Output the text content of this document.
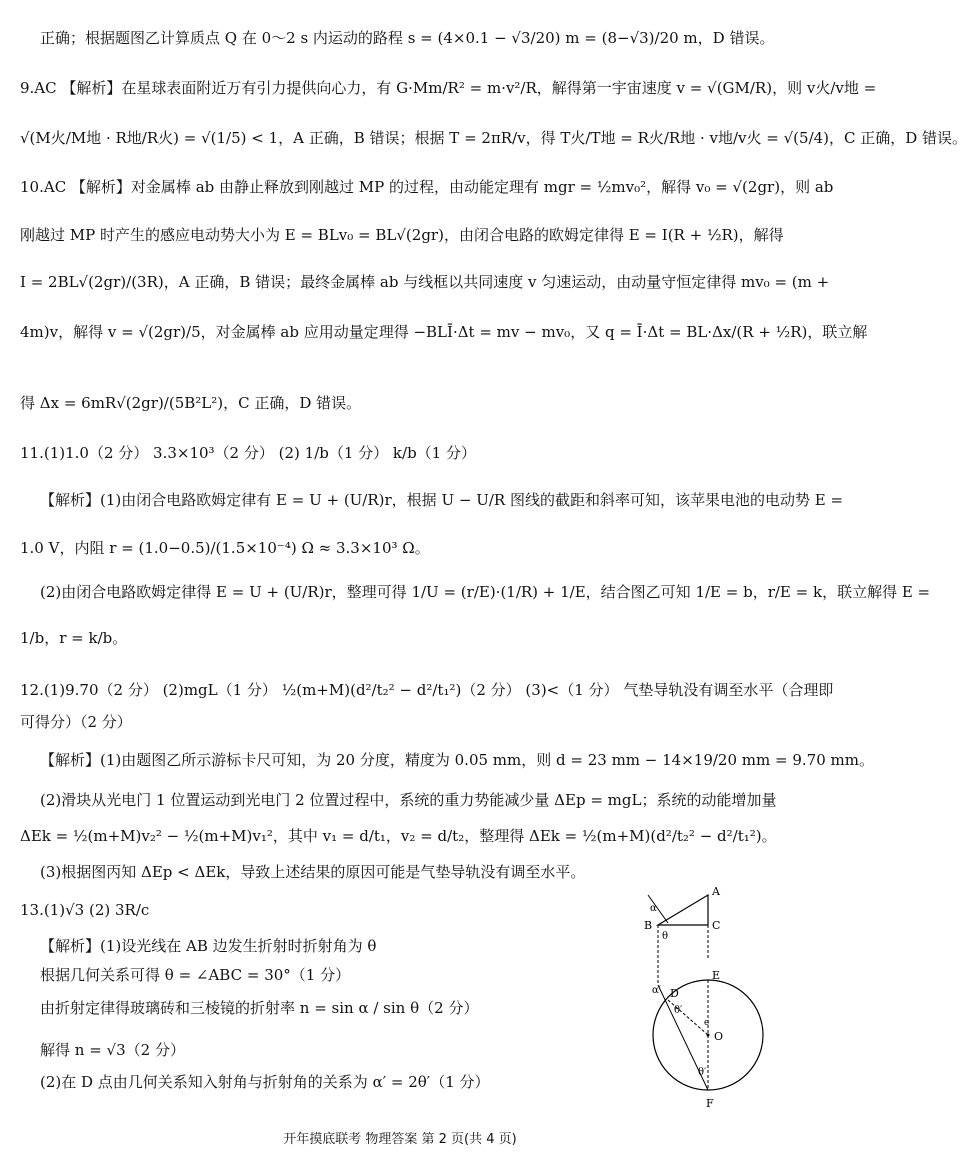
正确；根据题图乙计算质点 Q 在 0～2 s 内运动的路程 s = (4×0.1 − √3/20) m = (8−√3)/20 m，D 错误。
9.AC 【解析】在星球表面附近万有引力提供向心力，有 G·Mm/R² = m·v²/R，解得第一宇宙速度 v = √(GM/R)，则 v火/v地 =
√(M火/M地 · R地/R火) = √(1/5) < 1，A 正确，B 错误；根据 T = 2πR/v，得 T火/T地 = R火/R地 · v地/v火 = √(5/4)，C 正确，D 错误。
10.AC 【解析】对金属棒 ab 由静止释放到刚越过 MP 的过程，由动能定理有 mgr = ½mv₀²，解得 v₀ = √(2gr)，则 ab
刚越过 MP 时产生的感应电动势大小为 E = BLv₀ = BL√(2gr)，由闭合电路的欧姆定律得 E = I(R + ½R)，解得
I = 2BL√(2gr)/(3R)，A 正确，B 错误；最终金属棒 ab 与线框以共同速度 v 匀速运动，由动量守恒定律得 mv₀ = (m +
4m)v，解得 v = √(2gr)/5，对金属棒 ab 应用动量定理得 −BLĪ·Δt = mv − mv₀，又 q = Ī·Δt = BL·Δx/(R + ½R)，联立解
得 Δx = 6mR√(2gr)/(5B²L²)，C 正确，D 错误。
11.(1)1.0（2 分） 3.3×10³（2 分） (2) 1/b（1 分） k/b（1 分）
【解析】(1)由闭合电路欧姆定律有 E = U + (U/R)r，根据 U − U/R 图线的截距和斜率可知，该苹果电池的电动势 E =
1.0 V，内阻 r = (1.0−0.5)/(1.5×10⁻⁴) Ω ≈ 3.3×10³ Ω。
(2)由闭合电路欧姆定律得 E = U + (U/R)r，整理可得 1/U = (r/E)·(1/R) + 1/E，结合图乙可知 1/E = b，r/E = k，联立解得 E =
1/b，r = k/b。
12.(1)9.70（2 分） (2)mgL（1 分） ½(m+M)(d²/t₂² − d²/t₁²)（2 分） (3)<（1 分） 气垫导轨没有调至水平（合理即
可得分）（2 分）
【解析】(1)由题图乙所示游标卡尺可知，为 20 分度，精度为 0.05 mm，则 d = 23 mm − 14×19/20 mm = 9.70 mm。
(2)滑块从光电门 1 位置运动到光电门 2 位置过程中，系统的重力势能减少量 ΔEp = mgL；系统的动能增加量
ΔEk = ½(m+M)v₂² − ½(m+M)v₁²，其中 v₁ = d/t₁，v₂ = d/t₂，整理得 ΔEk = ½(m+M)(d²/t₂² − d²/t₁²)。
(3)根据图丙知 ΔEp < ΔEk，导致上述结果的原因可能是气垫导轨没有调至水平。
13.(1)√3 (2) 3R/c
【解析】(1)设光线在 AB 边发生折射时折射角为 θ
根据几何关系可得 θ = ∠ABC = 30°（1 分）
由折射定律得玻璃砖和三棱镜的折射率 n = sin α / sin θ（2 分）
解得 n = √3（2 分）
(2)在 D 点由几何关系知入射角与折射角的关系为 α′ = 2θ′（1 分）
A
B	C
D
E
F
O
α
θ
α′
θ′
θ′
e
开年摸底联考 物理答案 第 2 页(共 4 页)
